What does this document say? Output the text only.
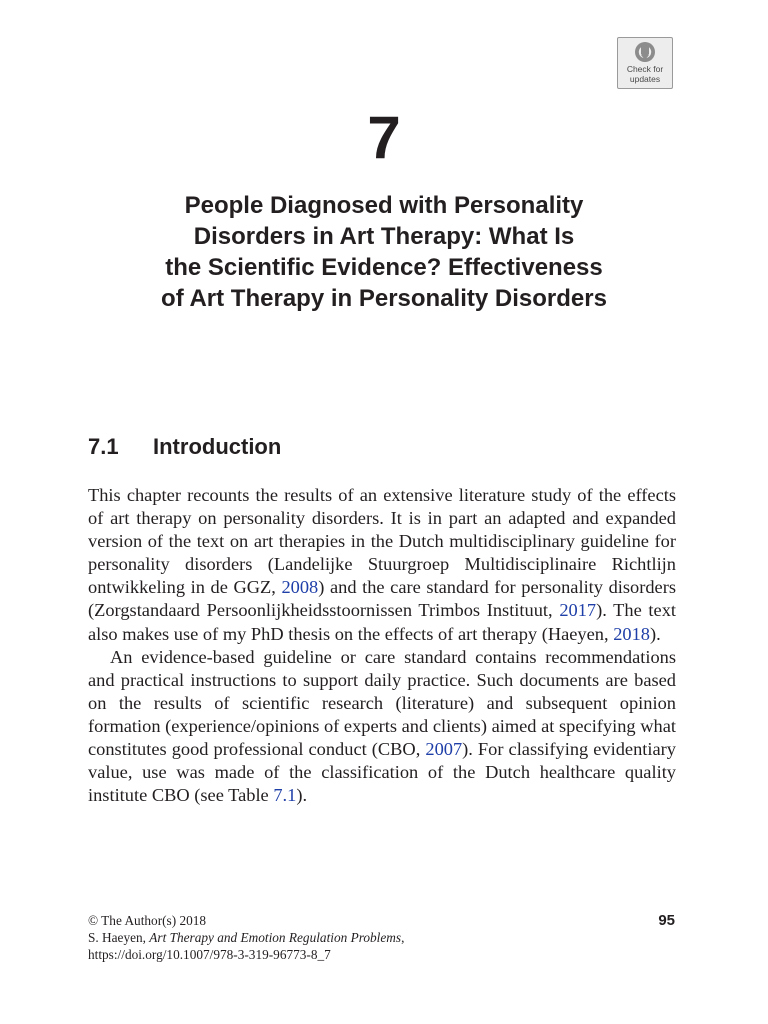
Check for
updates
7
People Diagnosed with Personality
Disorders in Art Therapy: What Is
the Scientific Evidence? Effectiveness
of Art Therapy in Personality Disorders
7.1 Introduction

This chapter recounts the results of an extensive literature study of the effects of art therapy on personality disorders. It is in part an adapted and expanded version of the text on art therapies in the Dutch multidisciplinary guideline for personality disorders (Landelijke Stuurgroep Multidisciplinaire Richtlijn ontwikkeling in de GGZ, 2008) and the care standard for personality disorders (Zorgstandaard Persoonlijkheidsstoornissen Trimbos Instituut, 2017). The text also makes use of my PhD thesis on the effects of art therapy (Haeyen, 2018).

An evidence-based guideline or care standard contains recommendations and practical instructions to support daily practice. Such documents are based on the results of scientific research (literature) and subsequent opinion formation (experience/opinions of experts and clients) aimed at specifying what constitutes good professional conduct (CBO, 2007). For classifying evidentiary value, use was made of the classification of the Dutch healthcare quality institute CBO (see Table 7.1).

© The Author(s) 2018
S. Haeyen, Art Therapy and Emotion Regulation Problems,
https://doi.org/10.1007/978-3-319-96773-8_7
95
